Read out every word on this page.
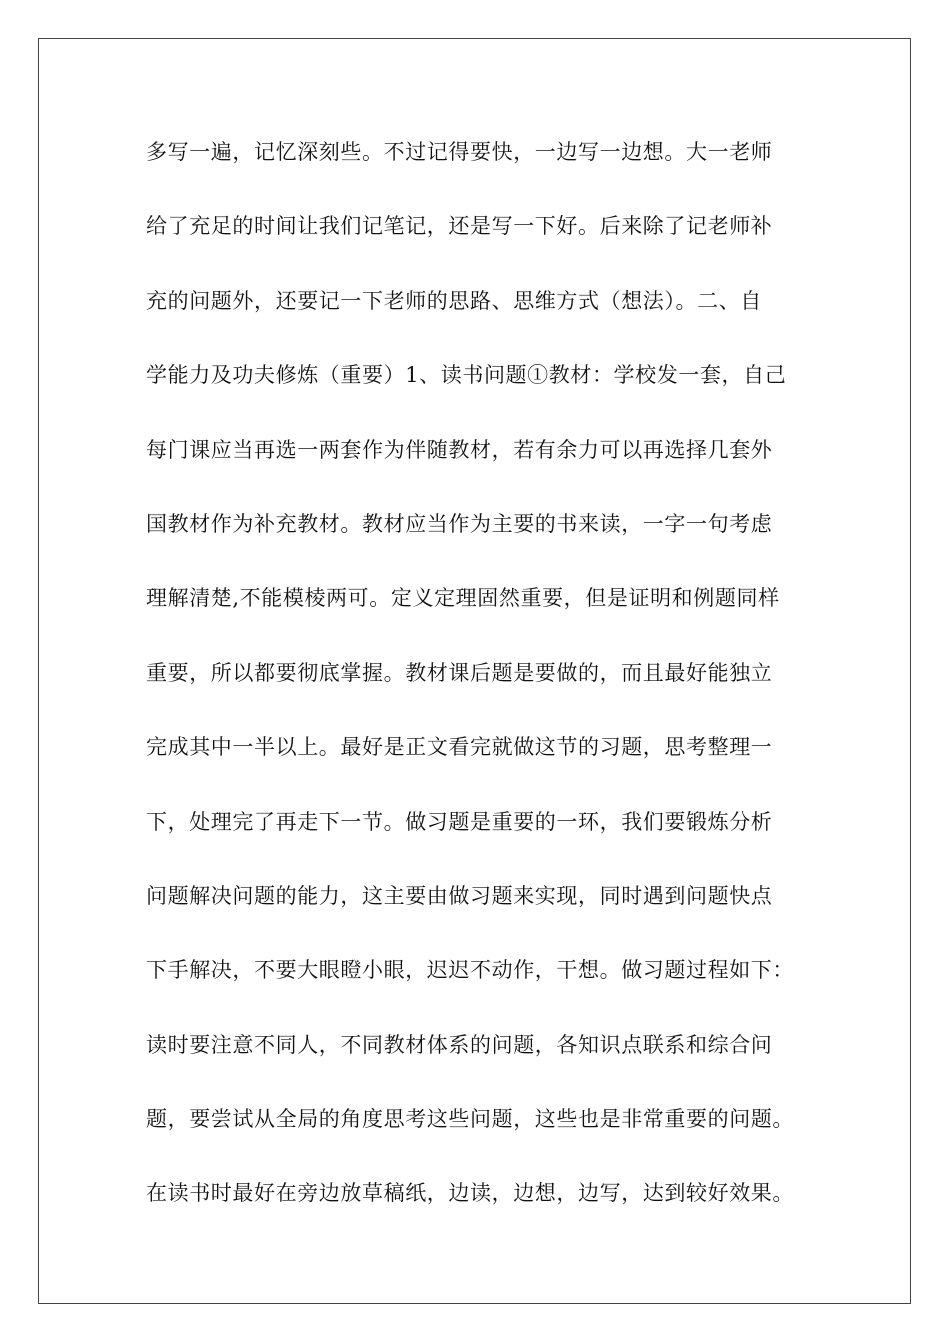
多写一遍，记忆深刻些。不过记得要快，一边写一边想。大一老师
给了充足的时间让我们记笔记，还是写一下好。后来除了记老师补
充的问题外，还要记一下老师的思路、思维方式（想法）。二、自
学能力及功夫修炼（重要）1、读书问题①教材：学校发一套，自己
每门课应当再选一两套作为伴随教材，若有余力可以再选择几套外
国教材作为补充教材。教材应当作为主要的书来读，一字一句考虑
理解清楚,不能模棱两可。定义定理固然重要，但是证明和例题同样
重要，所以都要彻底掌握。教材课后题是要做的，而且最好能独立
完成其中一半以上。最好是正文看完就做这节的习题，思考整理一
下，处理完了再走下一节。做习题是重要的一环，我们要锻炼分析
问题解决问题的能力，这主要由做习题来实现，同时遇到问题快点
下手解决，不要大眼瞪小眼，迟迟不动作，干想。做习题过程如下：
读时要注意不同人，不同教材体系的问题，各知识点联系和综合问
题，要尝试从全局的角度思考这些问题，这些也是非常重要的问题。
在读书时最好在旁边放草稿纸，边读，边想，边写，达到较好效果。
